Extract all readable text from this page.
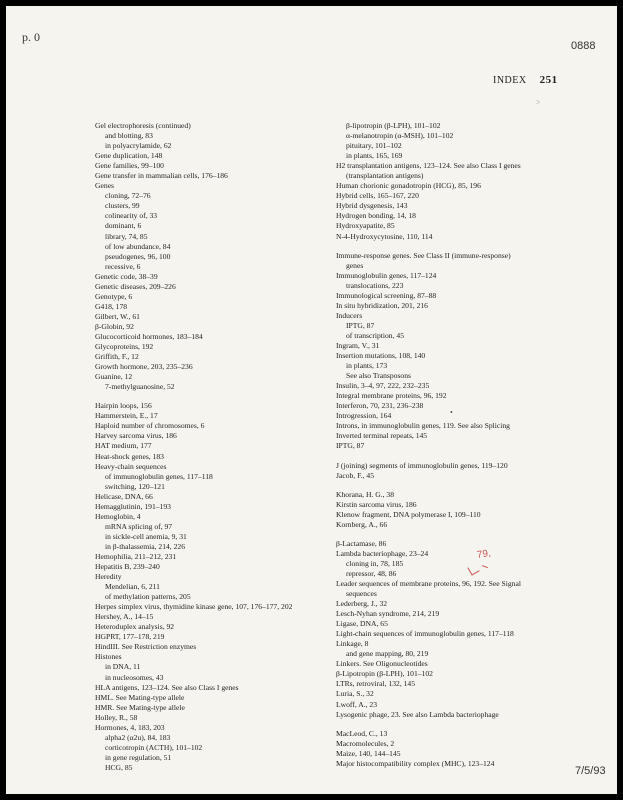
p. 0
0888
INDEX 251
>
Gel electrophoresis (continued)
and blotting, 83
in polyacrylamide, 62
Gene duplication, 148
Gene families, 99–100
Gene transfer in mammalian cells, 176–186
Genes
cloning, 72–76
clusters, 99
colinearity of, 33
dominant, 6
library, 74, 85
of low abundance, 84
pseudogenes, 96, 100
recessive, 6
Genetic code, 38–39
Genetic diseases, 209–226
Genotype, 6
G418, 178
Gilbert, W., 61
β-Globin, 92
Glucocorticoid hormones, 183–184
Glycoproteins, 192
Griffith, F., 12
Growth hormone, 203, 235–236
Guanine, 12
7-methylguanosine, 52
Hairpin loops, 156
Hammerstein, E., 17
Haploid number of chromosomes, 6
Harvey sarcoma virus, 186
HAT medium, 177
Heat-shock genes, 183
Heavy-chain sequences
of immunoglobulin genes, 117–118
switching, 120–121
Helicase, DNA, 66
Hemagglutinin, 191–193
Hemoglobin, 4
mRNA splicing of, 97
in sickle-cell anemia, 9, 31
in β-thalassemia, 214, 226
Hemophilia, 211–212, 231
Hepatitis B, 239–240
Heredity
Mendelian, 6, 211
of methylation patterns, 205
Herpes simplex virus, thymidine kinase gene, 107, 176–177, 202
Hershey, A., 14–15
Heteroduplex analysis, 92
HGPRT, 177–178, 219
HindIII. See Restriction enzymes
Histones
in DNA, 11
in nucleosomes, 43
HLA antigens, 123–124. See also Class I genes
HML. See Mating-type allele
HMR. See Mating-type allele
Holley, R., 58
Hormones, 4, 183, 203
alpha2 (α2u), 84, 183
corticotropin (ACTH), 101–102
in gene regulation, 51
HCG, 85
β-lipotropin (β-LPH), 101–102
α-melanotropin (α-MSH), 101–102
pituitary, 101–102
in plants, 165, 169
H2 transplantation antigens, 123–124. See also Class I genes
(transplantation antigens)
Human chorionic gonadotropin (HCG), 85, 196
Hybrid cells, 165–167, 220
Hybrid dysgenesis, 143
Hydrogen bonding, 14, 18
Hydroxyapatite, 85
N-4-Hydroxycytosine, 110, 114
Immune-response genes. See Class II (immune-response)
genes
Immunoglobulin genes, 117–124
translocations, 223
Immunological screening, 87–88
In situ hybridization, 201, 216
Inducers
IPTG, 87
of transcription, 45
Ingram, V., 31
Insertion mutations, 108, 140
in plants, 173
See also Transposons
Insulin, 3–4, 97, 222, 232–235
Integral membrane proteins, 96, 192
Interferon, 70, 231, 236–238
Introgression, 164
Introns, in immunoglobulin genes, 119. See also Splicing
Inverted terminal repeats, 145
IPTG, 87
J (joining) segments of immunoglobulin genes, 119–120
Jacob, F., 45
Khorana, H. G., 38
Kirstin sarcoma virus, 186
Klenow fragment, DNA polymerase I, 109–110
Kornberg, A., 66
β-Lactamase, 86
Lambda bacteriophage, 23–24
cloning in, 78, 185
repressor, 48, 86
Leader sequences of membrane proteins, 96, 192. See Signal
sequences
Lederberg, J., 32
Lesch-Nyhan syndrome, 214, 219
Ligase, DNA, 65
Light-chain sequences of immunoglobulin genes, 117–118
Linkage, 8
and gene mapping, 80, 219
Linkers. See Oligonucleotides
β-Lipotropin (β-LPH), 101–102
LTRs, retroviral, 132, 145
Luria, S., 32
Lwoff, A., 23
Lysogenic phage, 23. See also Lambda bacteriophage
MacLeod, C., 13
Macromolecules, 2
Maize, 140, 144–145
Major histocompatibility complex (MHC), 123–124
•
79,
7/5/93
